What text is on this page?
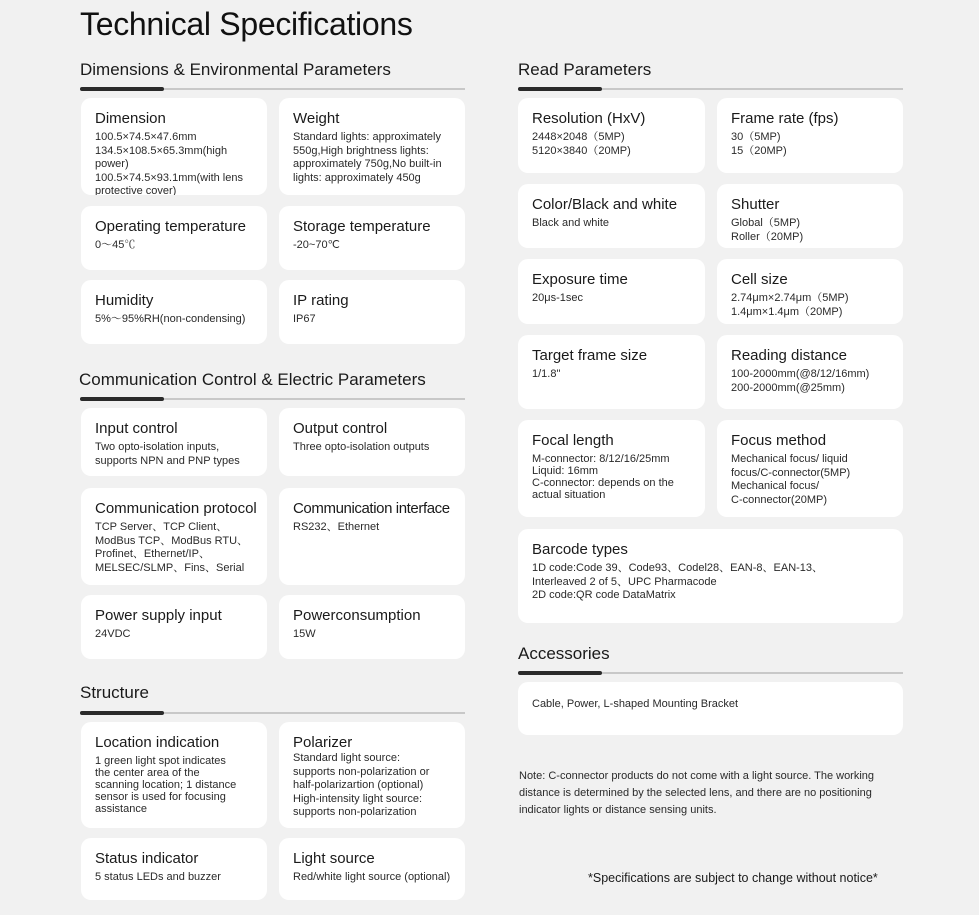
Technical Specifications
Dimensions & Environmental Parameters
Dimension
100.5×74.5×47.6mm
134.5×108.5×65.3mm(high power)
100.5×74.5×93.1mm(with lens
protective cover)
Weight
Standard lights: approximately
550g,High brightness lights:
approximately 750g,No built-in
lights: approximately 450g
Operating temperature
0～45℃
Storage temperature
-20~70℃
Humidity
5%～95%RH(non-condensing)
IP rating
IP67
Communication Control & Electric Parameters
Input control
Two opto-isolation inputs,
supports NPN and PNP types
Output control
Three opto-isolation outputs
Communication protocol
TCP Server、TCP Client、
ModBus TCP、ModBus RTU、
Profinet、Ethernet/IP、
MELSEC/SLMP、Fins、Serial
Communication interface
RS232、Ethernet
Power supply input
24VDC
Powerconsumption
15W
Structure
Location indication
1 green light spot indicates
the center area of the
scanning location; 1 distance
sensor is used for focusing
assistance
Polarizer
Standard light source:
supports non-polarization or
half-polarizartion (optional)
High-intensity light source:
supports non-polarization
Status indicator
5 status LEDs and buzzer
Light source
Red/white light source (optional)
Read Parameters
Resolution (HxV)
2448×2048（5MP)
5120×3840（20MP)
Frame rate (fps)
30（5MP)
15（20MP)
Color/Black and white
Black and white
Shutter
Global（5MP)
Roller（20MP)
Exposure time
20μs-1sec
Cell size
2.74μm×2.74μm（5MP)
1.4μm×1.4μm（20MP)
Target frame size
1/1.8"
Reading distance
100-2000mm(@8/12/16mm)
200-2000mm(@25mm)
Focal length
M-connector: 8/12/16/25mm
Liquid: 16mm
C-connector: depends on the
actual situation
Focus method
Mechanical focus/ liquid
focus/C-connector(5MP)
Mechanical focus/
C-connector(20MP)
Barcode types
1D code:Code 39、Code93、Codel28、EAN-8、EAN-13、
Interleaved 2 of 5、UPC Pharmacode
2D code:QR code DataMatrix
Accessories
Cable, Power, L-shaped Mounting Bracket
Note: C-connector products do not come with a light source. The working distance is determined by the selected lens, and there are no positioning indicator lights or distance sensing units.
*Specifications are subject to change without notice*
